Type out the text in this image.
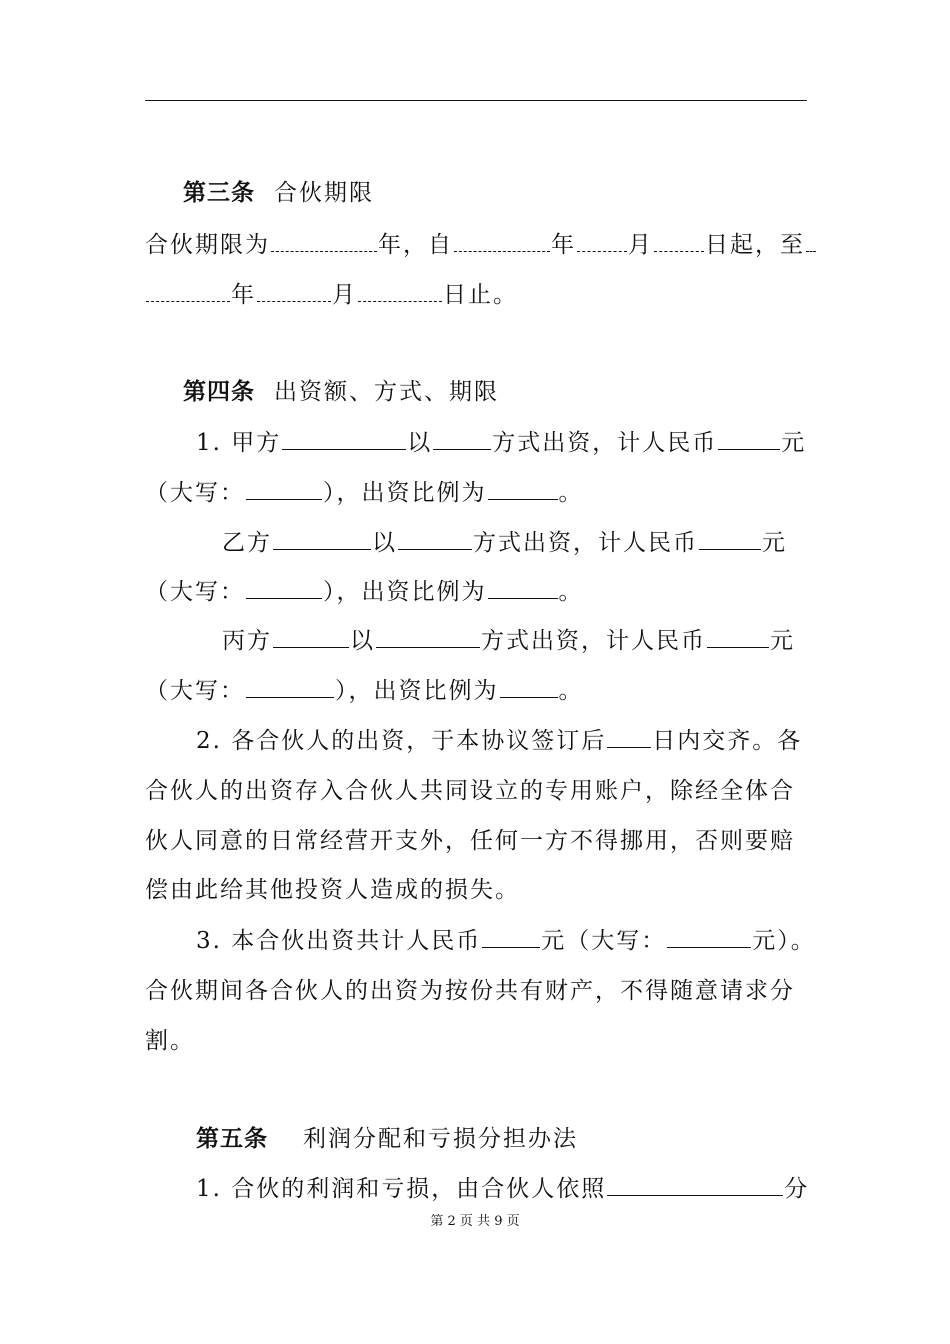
第三条 合伙期限
合伙期限为	年，自	年 月 日起，至
年	月	日止。
第四条 出资额、方式、期限
1. 甲方	以	方式出资，计人民币	元
（大写：	），出资比例为	。
乙方	以	方式出资，计人民币	元
（大写：	），出资比例为	。
丙方	以	方式出资，计人民币	元
（大写：	），出资比例为	。
2. 各合伙人的出资，于本协议签订后 日内交齐。各
合伙人的出资存入合伙人共同设立的专用账户，除经全体合
伙人同意的日常经营开支外，任何一方不得挪用，否则要赔
偿由此给其他投资人造成的损失。
3. 本合伙出资共计人民币	元（大写：	元）。
合伙期间各合伙人的出资为按份共有财产，不得随意请求分
割。
第五条 利润分配和亏损分担办法
1. 合伙的利润和亏损，由合伙人依照	分
第 2 页 共 9 页
